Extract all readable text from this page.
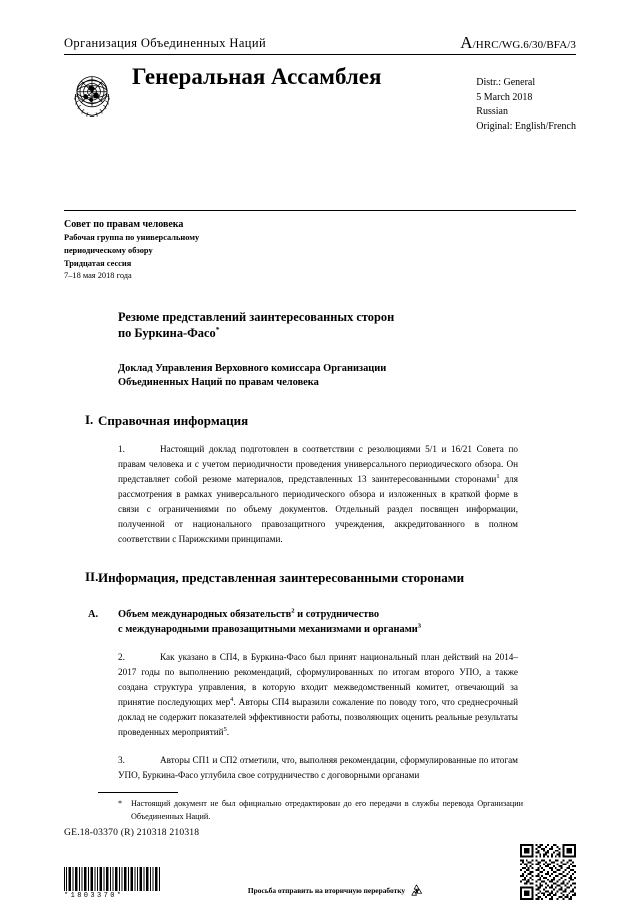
Организация Объединенных Наций	A /HRC/WG.6/30/BFA/3
Генеральная Ассамблея	Distr.: General
5 March 2018
Russian
Original: English/French
Совет по правам человека
Рабочая группа по универсальному
периодическому обзору
Тридцатая сессия
7–18 мая 2018 года
Резюме представлений заинтересованных сторон
по Буркина-Фасо*
Доклад Управления Верховного комиссара Организации
Объединенных Наций по правам человека
I. Справочная информация
1.	Настоящий доклад подготовлен в соответствии с резолюциями 5/1 и 16/21 Совета по правам человека и с учетом периодичности проведения универсального периодического обзора. Он представляет собой резюме материалов, представленных 13 заинтересованными сторонами$^1$ для рассмотрения в рамках универсального периодического обзора и изложенных в краткой форме в связи с ограничениями по объему документов. Отдельный раздел посвящен информации, полученной от национального правозащитного учреждения, аккредитованного в полном соответствии с Парижскими принципами.
II. Информация, представленная заинтересованными сторонами
A.	Объем международных обязательств$^2$ и сотрудничество
с международными правозащитными механизмами и органами$^3$
2.	Как указано в СП4, в Буркина-Фасо был принят национальный план действий на 2014–2017 годы по выполнению рекомендаций, сформулированных по итогам второго УПО, а также создана структура управления, в которую входит межведомственный комитет, отвечающий за принятие последующих мер$^4$. Авторы СП4 выразили сожаление по поводу того, что среднесрочный доклад не содержит показателей эффективности работы, позволяющих оценить реальные результаты проведенных мероприятий$^5$.
3.	Авторы СП1 и СП2 отметили, что, выполняя рекомендации, сформулированные по итогам УПО, Буркина-Фасо углубила свое сотрудничество с договорными органами
*	Настоящий документ не был официально отредактирован до его передачи в службы перевода Организации Объединенных Наций.
GE.18-03370 (R) 210318 210318
*1803370*
Просьба отправить на вторичную переработку
